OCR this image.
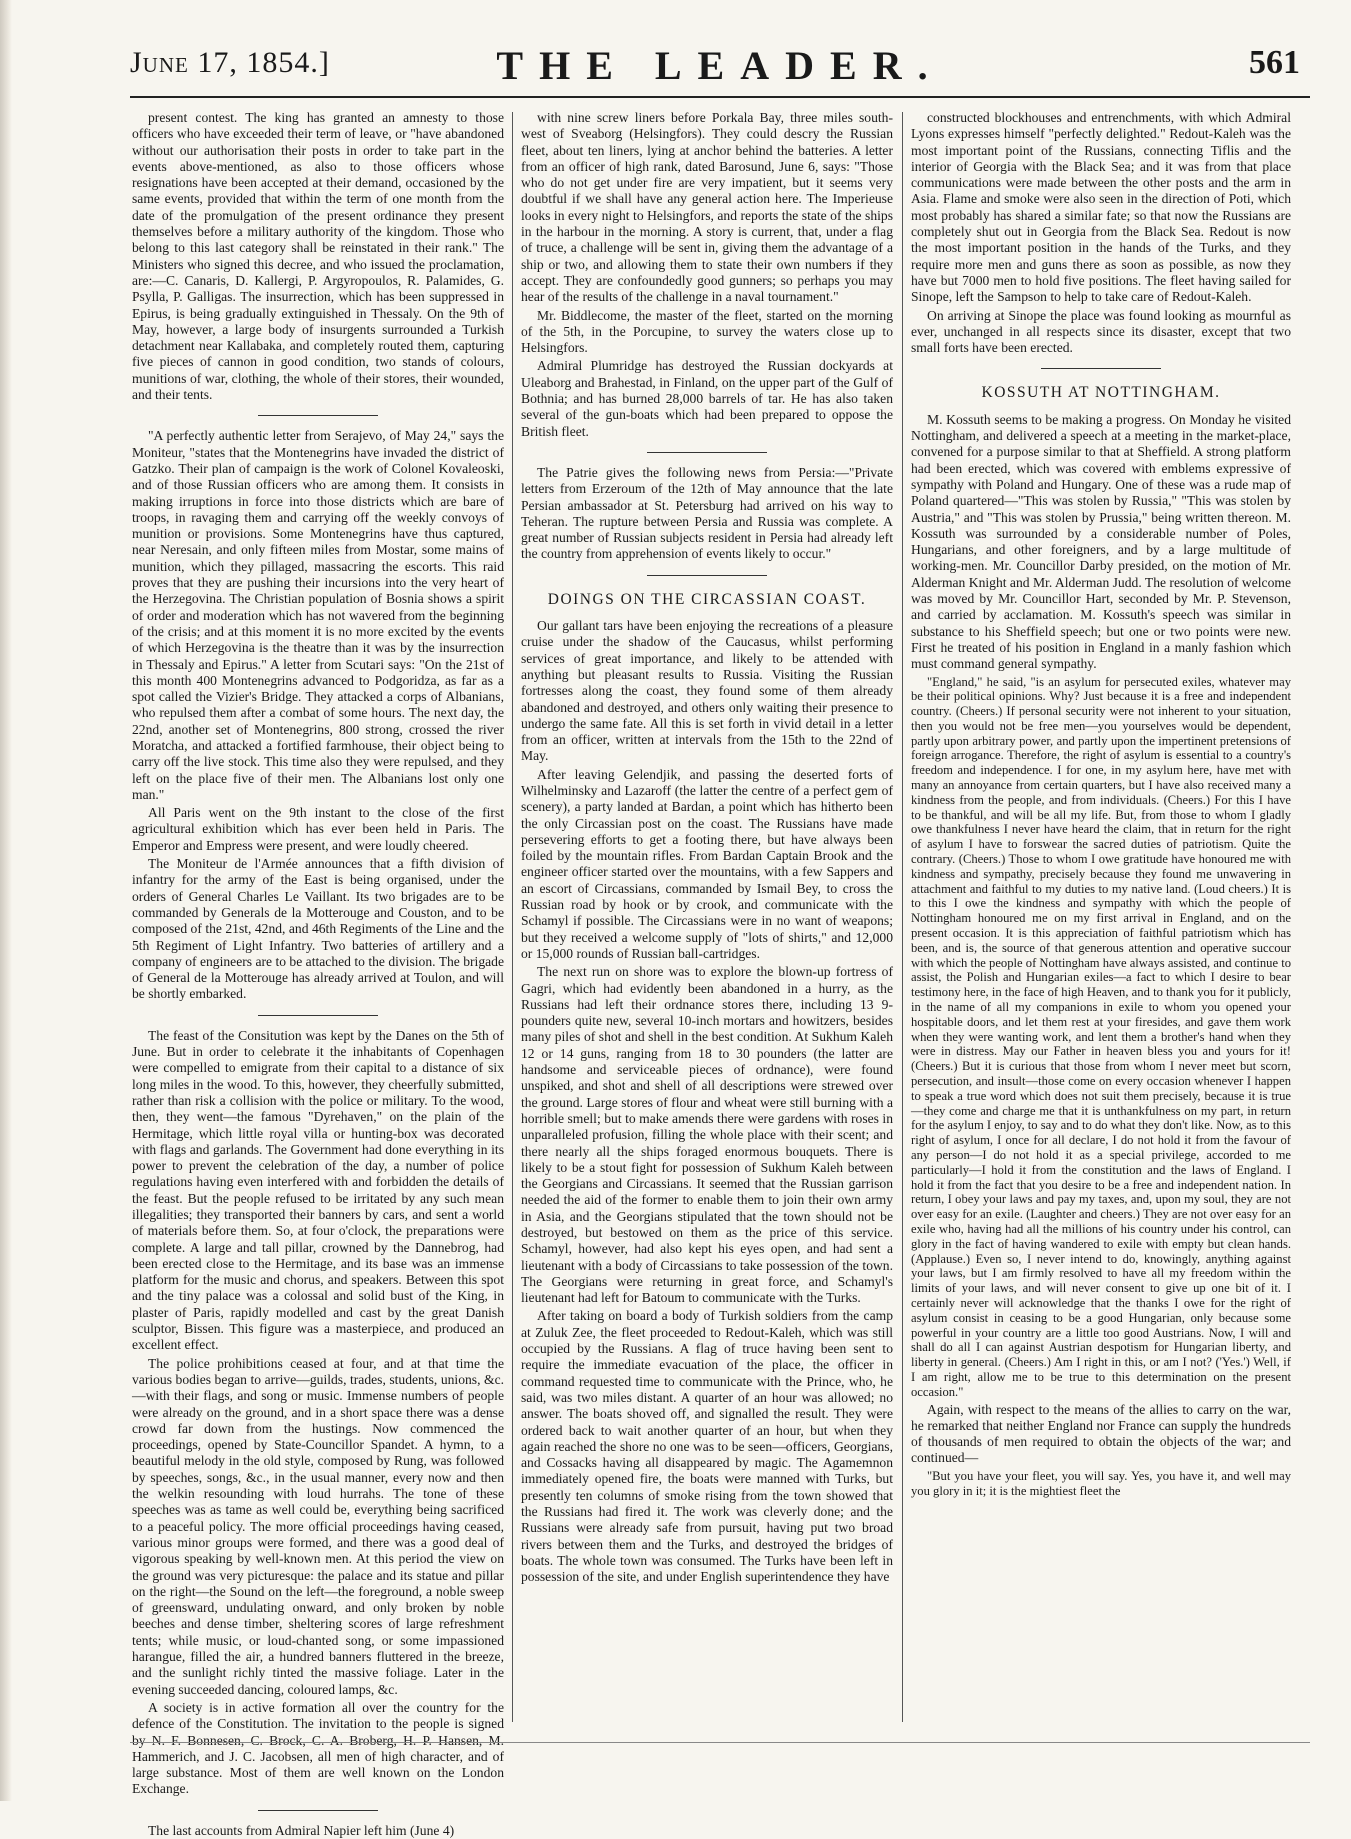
June 17, 1854.]	THE LEADER.	561

present contest. The king has granted an amnesty to those officers who have exceeded their term of leave, or "have abandoned without our authorisation their posts in order to take part in the events above-mentioned, as also to those officers whose resignations have been accepted at their demand, occasioned by the same events, provided that within the term of one month from the date of the promulgation of the present ordinance they present themselves before a military authority of the kingdom. Those who belong to this last category shall be reinstated in their rank." The Ministers who signed this decree, and who issued the proclamation, are:—C. Canaris, D. Kallergi, P. Argyropoulos, R. Palamides, G. Psylla, P. Galligas. The insurrection, which has been suppressed in Epirus, is being gradually extinguished in Thessaly. On the 9th of May, however, a large body of insurgents surrounded a Turkish detachment near Kallabaka, and completely routed them, capturing five pieces of cannon in good condition, two stands of colours, munitions of war, clothing, the whole of their stores, their wounded, and their tents.

"A perfectly authentic letter from Serajevo, of May 24," says the Moniteur, "states that the Montenegrins have invaded the district of Gatzko. Their plan of campaign is the work of Colonel Kovaleoski, and of those Russian officers who are among them. It consists in making irruptions in force into those districts which are bare of troops, in ravaging them and carrying off the weekly convoys of munition or provisions. Some Montenegrins have thus captured, near Neresain, and only fifteen miles from Mostar, some mains of munition, which they pillaged, massacring the escorts. This raid proves that they are pushing their incursions into the very heart of the Herzegovina. The Christian population of Bosnia shows a spirit of order and moderation which has not wavered from the beginning of the crisis; and at this moment it is no more excited by the events of which Herzegovina is the theatre than it was by the insurrection in Thessaly and Epirus." A letter from Scutari says: "On the 21st of this month 400 Montenegrins advanced to Podgoridza, as far as a spot called the Vizier's Bridge. They attacked a corps of Albanians, who repulsed them after a combat of some hours. The next day, the 22nd, another set of Montenegrins, 800 strong, crossed the river Moratcha, and attacked a fortified farmhouse, their object being to carry off the live stock. This time also they were repulsed, and they left on the place five of their men. The Albanians lost only one man."

All Paris went on the 9th instant to the close of the first agricultural exhibition which has ever been held in Paris. The Emperor and Empress were present, and were loudly cheered.

The Moniteur de l'Armée announces that a fifth division of infantry for the army of the East is being organised, under the orders of General Charles Le Vaillant. Its two brigades are to be commanded by Generals de la Motterouge and Couston, and to be composed of the 21st, 42nd, and 46th Regiments of the Line and the 5th Regiment of Light Infantry. Two batteries of artillery and a company of engineers are to be attached to the division. The brigade of General de la Motterouge has already arrived at Toulon, and will be shortly embarked.

The feast of the Consitution was kept by the Danes on the 5th of June. But in order to celebrate it the inhabitants of Copenhagen were compelled to emigrate from their capital to a distance of six long miles in the wood. To this, however, they cheerfully submitted, rather than risk a collision with the police or military. To the wood, then, they went—the famous "Dyrehaven," on the plain of the Hermitage, which little royal villa or hunting-box was decorated with flags and garlands. The Government had done everything in its power to prevent the celebration of the day, a number of police regulations having even interfered with and forbidden the details of the feast. But the people refused to be irritated by any such mean illegalities; they transported their banners by cars, and sent a world of materials before them. So, at four o'clock, the preparations were complete. A large and tall pillar, crowned by the Dannebrog, had been erected close to the Hermitage, and its base was an immense platform for the music and chorus, and speakers. Between this spot and the tiny palace was a colossal and solid bust of the King, in plaster of Paris, rapidly modelled and cast by the great Danish sculptor, Bissen. This figure was a masterpiece, and produced an excellent effect.

The police prohibitions ceased at four, and at that time the various bodies began to arrive—guilds, trades, students, unions, &c.—with their flags, and song or music. Immense numbers of people were already on the ground, and in a short space there was a dense crowd far down from the hustings. Now commenced the proceedings, opened by State-Councillor Spandet. A hymn, to a beautiful melody in the old style, composed by Rung, was followed by speeches, songs, &c., in the usual manner, every now and then the welkin resounding with loud hurrahs. The tone of these speeches was as tame as well could be, everything being sacrificed to a peaceful policy. The more official proceedings having ceased, various minor groups were formed, and there was a good deal of vigorous speaking by well-known men. At this period the view on the ground was very picturesque: the palace and its statue and pillar on the right—the Sound on the left—the foreground, a noble sweep of greensward, undulating onward, and only broken by noble beeches and dense timber, sheltering scores of large refreshment tents; while music, or loud-chanted song, or some impassioned harangue, filled the air, a hundred banners fluttered in the breeze, and the sunlight richly tinted the massive foliage. Later in the evening succeeded dancing, coloured lamps, &c.

A society is in active formation all over the country for the defence of the Constitution. The invitation to the people is signed by N. F. Bonnesen, C. Brock, C. A. Broberg, H. P. Hansen, M. Hammerich, and J. C. Jacobsen, all men of high character, and of large substance. Most of them are well known on the London Exchange.

The last accounts from Admiral Napier left him (June 4)

with nine screw liners before Porkala Bay, three miles south-west of Sveaborg (Helsingfors). They could descry the Russian fleet, about ten liners, lying at anchor behind the batteries. A letter from an officer of high rank, dated Barosund, June 6, says: "Those who do not get under fire are very impatient, but it seems very doubtful if we shall have any general action here. The Imperieuse looks in every night to Helsingfors, and reports the state of the ships in the harbour in the morning. A story is current, that, under a flag of truce, a challenge will be sent in, giving them the advantage of a ship or two, and allowing them to state their own numbers if they accept. They are confoundedly good gunners; so perhaps you may hear of the results of the challenge in a naval tournament."

Mr. Biddlecome, the master of the fleet, started on the morning of the 5th, in the Porcupine, to survey the waters close up to Helsingfors.

Admiral Plumridge has destroyed the Russian dockyards at Uleaborg and Brahestad, in Finland, on the upper part of the Gulf of Bothnia; and has burned 28,000 barrels of tar. He has also taken several of the gun-boats which had been prepared to oppose the British fleet.

The Patrie gives the following news from Persia:—"Private letters from Erzeroum of the 12th of May announce that the late Persian ambassador at St. Petersburg had arrived on his way to Teheran. The rupture between Persia and Russia was complete. A great number of Russian subjects resident in Persia had already left the country from apprehension of events likely to occur."

DOINGS ON THE CIRCASSIAN COAST.

Our gallant tars have been enjoying the recreations of a pleasure cruise under the shadow of the Caucasus, whilst performing services of great importance, and likely to be attended with anything but pleasant results to Russia. Visiting the Russian fortresses along the coast, they found some of them already abandoned and destroyed, and others only waiting their presence to undergo the same fate. All this is set forth in vivid detail in a letter from an officer, written at intervals from the 15th to the 22nd of May.

After leaving Gelendjik, and passing the deserted forts of Wilhelminsky and Lazaroff (the latter the centre of a perfect gem of scenery), a party landed at Bardan, a point which has hitherto been the only Circassian post on the coast. The Russians have made persevering efforts to get a footing there, but have always been foiled by the mountain rifles. From Bardan Captain Brook and the engineer officer started over the mountains, with a few Sappers and an escort of Circassians, commanded by Ismail Bey, to cross the Russian road by hook or by crook, and communicate with the Schamyl if possible. The Circassians were in no want of weapons; but they received a welcome supply of "lots of shirts," and 12,000 or 15,000 rounds of Russian ball-cartridges.

The next run on shore was to explore the blown-up fortress of Gagri, which had evidently been abandoned in a hurry, as the Russians had left their ordnance stores there, including 13 9-pounders quite new, several 10-inch mortars and howitzers, besides many piles of shot and shell in the best condition. At Sukhum Kaleh 12 or 14 guns, ranging from 18 to 30 pounders (the latter are handsome and serviceable pieces of ordnance), were found unspiked, and shot and shell of all descriptions were strewed over the ground. Large stores of flour and wheat were still burning with a horrible smell; but to make amends there were gardens with roses in unparalleled profusion, filling the whole place with their scent; and there nearly all the ships foraged enormous bouquets. There is likely to be a stout fight for possession of Sukhum Kaleh between the Georgians and Circassians. It seemed that the Russian garrison needed the aid of the former to enable them to join their own army in Asia, and the Georgians stipulated that the town should not be destroyed, but bestowed on them as the price of this service. Schamyl, however, had also kept his eyes open, and had sent a lieutenant with a body of Circassians to take possession of the town. The Georgians were returning in great force, and Schamyl's lieutenant had left for Batoum to communicate with the Turks.

After taking on board a body of Turkish soldiers from the camp at Zuluk Zee, the fleet proceeded to Redout-Kaleh, which was still occupied by the Russians. A flag of truce having been sent to require the immediate evacuation of the place, the officer in command requested time to communicate with the Prince, who, he said, was two miles distant. A quarter of an hour was allowed; no answer. The boats shoved off, and signalled the result. They were ordered back to wait another quarter of an hour, but when they again reached the shore no one was to be seen—officers, Georgians, and Cossacks having all disappeared by magic. The Agamemnon immediately opened fire, the boats were manned with Turks, but presently ten columns of smoke rising from the town showed that the Russians had fired it. The work was cleverly done; and the Russians were already safe from pursuit, having put two broad rivers between them and the Turks, and destroyed the bridges of boats. The whole town was consumed. The Turks have been left in possession of the site, and under English superintendence they have

constructed blockhouses and entrenchments, with which Admiral Lyons expresses himself "perfectly delighted." Redout-Kaleh was the most important point of the Russians, connecting Tiflis and the interior of Georgia with the Black Sea; and it was from that place communications were made between the other posts and the arm in Asia. Flame and smoke were also seen in the direction of Poti, which most probably has shared a similar fate; so that now the Russians are completely shut out in Georgia from the Black Sea. Redout is now the most important position in the hands of the Turks, and they require more men and guns there as soon as possible, as now they have but 7000 men to hold five positions. The fleet having sailed for Sinope, left the Sampson to help to take care of Redout-Kaleh.

On arriving at Sinope the place was found looking as mournful as ever, unchanged in all respects since its disaster, except that two small forts have been erected.

KOSSUTH AT NOTTINGHAM.

M. Kossuth seems to be making a progress. On Monday he visited Nottingham, and delivered a speech at a meeting in the market-place, convened for a purpose similar to that at Sheffield. A strong platform had been erected, which was covered with emblems expressive of sympathy with Poland and Hungary. One of these was a rude map of Poland quartered—"This was stolen by Russia," "This was stolen by Austria," and "This was stolen by Prussia," being written thereon. M. Kossuth was surrounded by a considerable number of Poles, Hungarians, and other foreigners, and by a large multitude of working-men. Mr. Councillor Darby presided, on the motion of Mr. Alderman Knight and Mr. Alderman Judd. The resolution of welcome was moved by Mr. Councillor Hart, seconded by Mr. P. Stevenson, and carried by acclamation. M. Kossuth's speech was similar in substance to his Sheffield speech; but one or two points were new. First he treated of his position in England in a manly fashion which must command general sympathy.

"England," he said, "is an asylum for persecuted exiles, whatever may be their political opinions. Why? Just because it is a free and independent country. (Cheers.) If personal security were not inherent to your situation, then you would not be free men—you yourselves would be dependent, partly upon arbitrary power, and partly upon the impertinent pretensions of foreign arrogance. Therefore, the right of asylum is essential to a country's freedom and independence. I for one, in my asylum here, have met with many an annoyance from certain quarters, but I have also received many a kindness from the people, and from individuals. (Cheers.) For this I have to be thankful, and will be all my life. But, from those to whom I gladly owe thankfulness I never have heard the claim, that in return for the right of asylum I have to forswear the sacred duties of patriotism. Quite the contrary. (Cheers.) Those to whom I owe gratitude have honoured me with kindness and sympathy, precisely because they found me unwavering in attachment and faithful to my duties to my native land. (Loud cheers.) It is to this I owe the kindness and sympathy with which the people of Nottingham honoured me on my first arrival in England, and on the present occasion. It is this appreciation of faithful patriotism which has been, and is, the source of that generous attention and operative succour with which the people of Nottingham have always assisted, and continue to assist, the Polish and Hungarian exiles—a fact to which I desire to bear testimony here, in the face of high Heaven, and to thank you for it publicly, in the name of all my companions in exile to whom you opened your hospitable doors, and let them rest at your firesides, and gave them work when they were wanting work, and lent them a brother's hand when they were in distress. May our Father in heaven bless you and yours for it! (Cheers.) But it is curious that those from whom I never meet but scorn, persecution, and insult—those come on every occasion whenever I happen to speak a true word which does not suit them precisely, because it is true—they come and charge me that it is unthankfulness on my part, in return for the asylum I enjoy, to say and to do what they don't like. Now, as to this right of asylum, I once for all declare, I do not hold it from the favour of any person—I do not hold it as a special privilege, accorded to me particularly—I hold it from the constitution and the laws of England. I hold it from the fact that you desire to be a free and independent nation. In return, I obey your laws and pay my taxes, and, upon my soul, they are not over easy for an exile. (Laughter and cheers.) They are not over easy for an exile who, having had all the millions of his country under his control, can glory in the fact of having wandered to exile with empty but clean hands. (Applause.) Even so, I never intend to do, knowingly, anything against your laws, but I am firmly resolved to have all my freedom within the limits of your laws, and will never consent to give up one bit of it. I certainly never will acknowledge that the thanks I owe for the right of asylum consist in ceasing to be a good Hungarian, only because some powerful in your country are a little too good Austrians. Now, I will and shall do all I can against Austrian despotism for Hungarian liberty, and liberty in general. (Cheers.) Am I right in this, or am I not? ('Yes.') Well, if I am right, allow me to be true to this determination on the present occasion."

Again, with respect to the means of the allies to carry on the war, he remarked that neither England nor France can supply the hundreds of thousands of men required to obtain the objects of the war; and continued—

"But you have your fleet, you will say. Yes, you have it, and well may you glory in it; it is the mightiest fleet the
